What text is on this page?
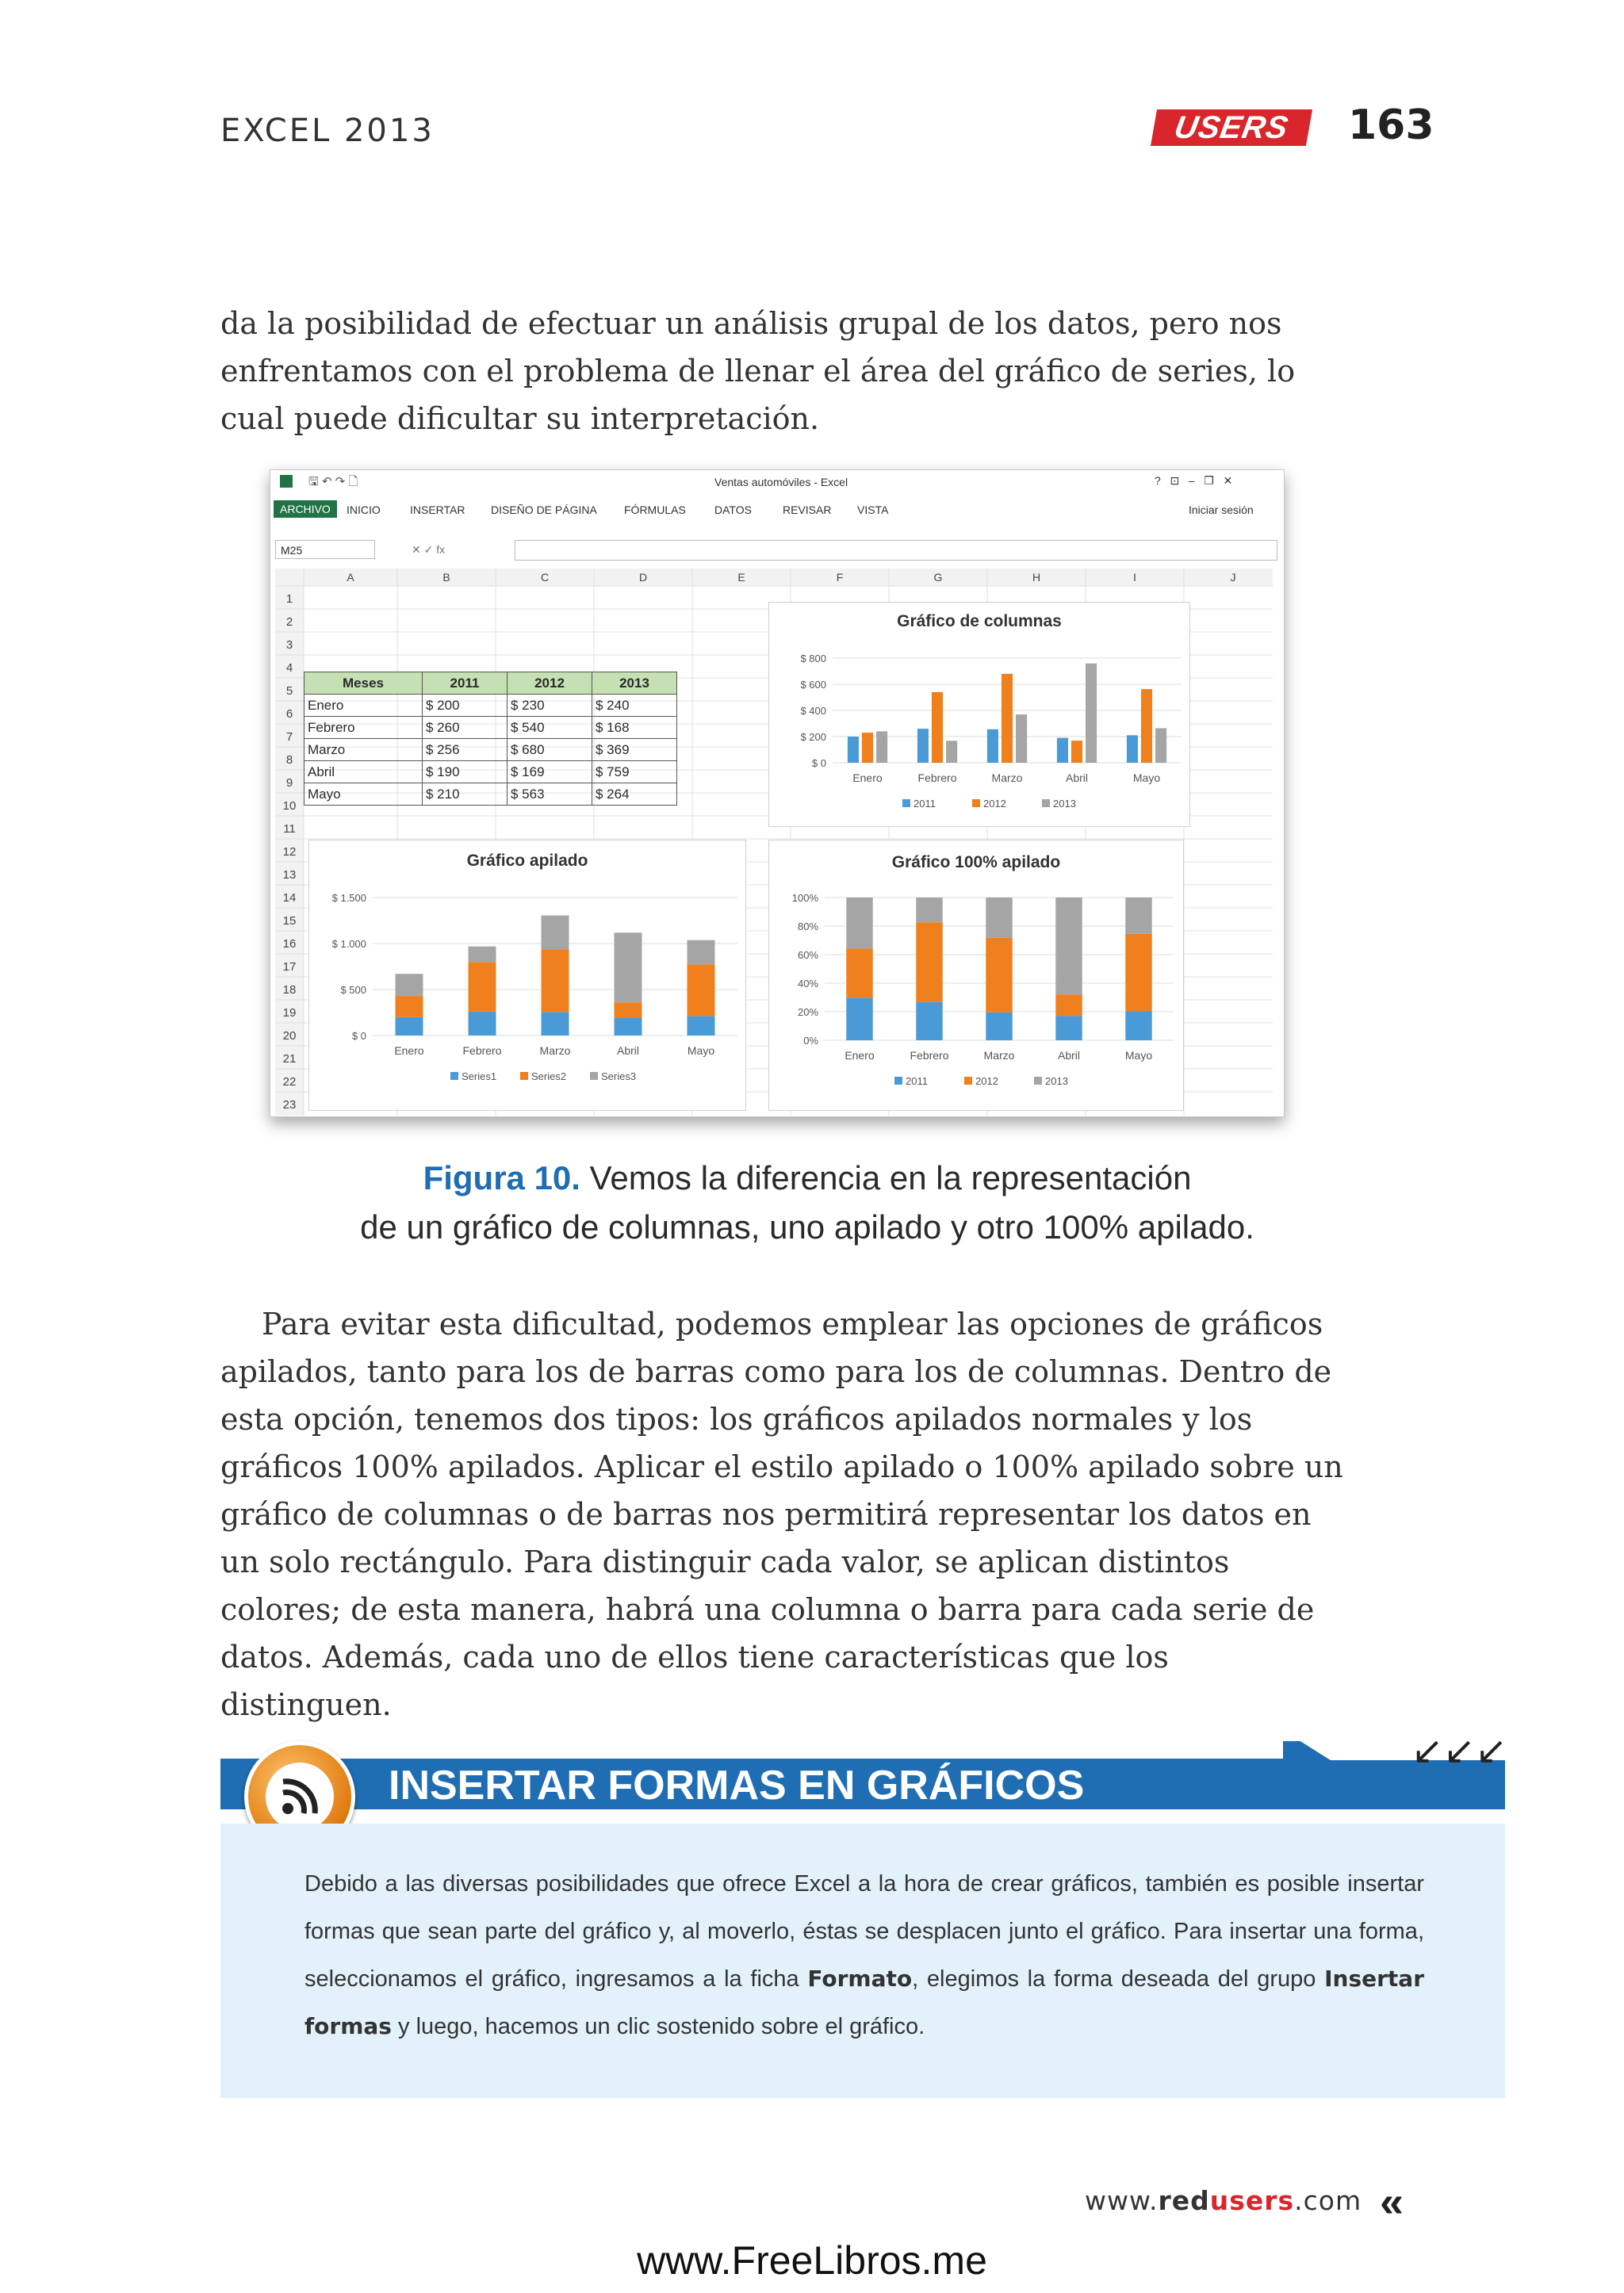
EXCEL 2013	USERS	163

da la posibilidad de efectuar un análisis grupal de los datos, pero nos enfrentamos con el problema de llenar el área del gráfico de series, lo cual puede dificultar su interpretación.

🖫 ↶ ↷ 🗋	Ventas automóviles - Excel	?   ⊡   –   ❐   ✕
ARCHIVO	INICIO	INSERTAR DISEÑO DE PÁGINA FÓRMULAS	DATOS	REVISAR VISTA	Iniciar sesión
M25	✕ ✓ fx
A	B	C	D	E	F	G	H	I	J
1
2
3
4
5
6
7
8
9
10
11
12
13
14
15
16
17
18
19
20
21
22
23
Meses	2011	2012	2013
Enero	$ 200	$ 230	$ 240
Febrero	$ 260	$ 540	$ 168
Marzo	$ 256	$ 680	$ 369
Abril	$ 190	$ 169	$ 759
Mayo	$ 210	$ 563	$ 264
Gráfico de columnas
$ 800
$ 600
$ 400
$ 200
$ 0
Enero	Febrero	Marzo	Abril	Mayo
2011	2012	2013
Gráfico apilado
$ 1.500
$ 1.000
$ 500
$ 0
Enero	Febrero	Marzo	Abril	Mayo
Series1	Series2	Series3
Gráfico 100% apilado
100%
80%
60%
40%
20%
0%
Enero	Febrero	Marzo	Abril	Mayo
2011	2012	2013
Figura 10. Vemos la diferencia en la representación
de un gráfico de columnas, uno apilado y otro 100% apilado.

Para evitar esta dificultad, podemos emplear las opciones de gráficos apilados, tanto para los de barras como para los de columnas. Dentro de esta opción, tenemos dos tipos: los gráficos apilados normales y los gráficos 100% apilados. Aplicar el estilo apilado o 100% apilado sobre un gráfico de columnas o de barras nos permitirá representar los datos en un solo rectángulo. Para distinguir cada valor, se aplican distintos colores; de esta manera, habrá una columna o barra para cada serie de datos. Además, cada uno de ellos tiene características que los distinguen.

↙↙↙
INSERTAR FORMAS EN GRÁFICOS
Debido a las diversas posibilidades que ofrece Excel a la hora de crear gráficos, también es posible insertar formas que sean parte del gráfico y, al moverlo, éstas se desplacen junto el gráfico. Para insertar una forma, seleccionamos el gráfico, ingresamos a la ficha Formato, elegimos la forma deseada del grupo Insertar formas y luego, hacemos un clic sostenido sobre el gráfico.
www.redusers.com «
www.FreeLibros.me
